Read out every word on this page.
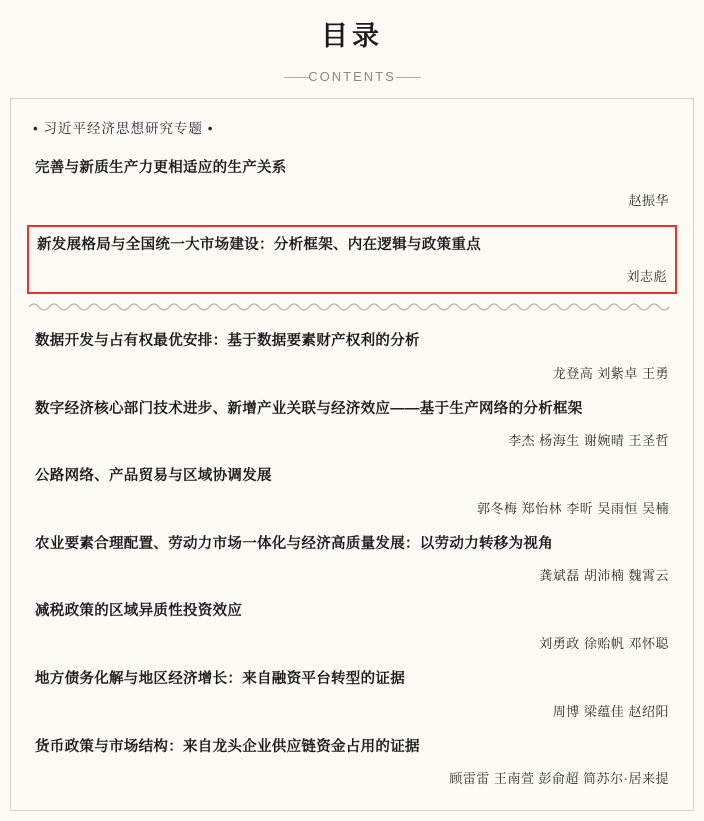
目录
——CONTENTS——
• 习近平经济思想研究专题 •
完善与新质生产力更相适应的生产关系
赵振华
新发展格局与全国统一大市场建设：分析框架、内在逻辑与政策重点
刘志彪
数据开发与占有权最优安排：基于数据要素财产权利的分析
龙登高 刘紫卓 王勇
数字经济核心部门技术进步、新增产业关联与经济效应——基于生产网络的分析框架
李杰 杨海生 谢婉晴 王圣哲
公路网络、产品贸易与区域协调发展
郭冬梅 郑怡林 李昕 吴雨恒 吴楠
农业要素合理配置、劳动力市场一体化与经济高质量发展：以劳动力转移为视角
龚斌磊 胡沛楠 魏霄云
减税政策的区域异质性投资效应
刘勇政 徐贻帆 邓怀聪
地方债务化解与地区经济增长：来自融资平台转型的证据
周博 梁蕴佳 赵绍阳
货币政策与市场结构：来自龙头企业供应链资金占用的证据
顾雷雷 王南萱 彭俞超 简苏尔·居来提
